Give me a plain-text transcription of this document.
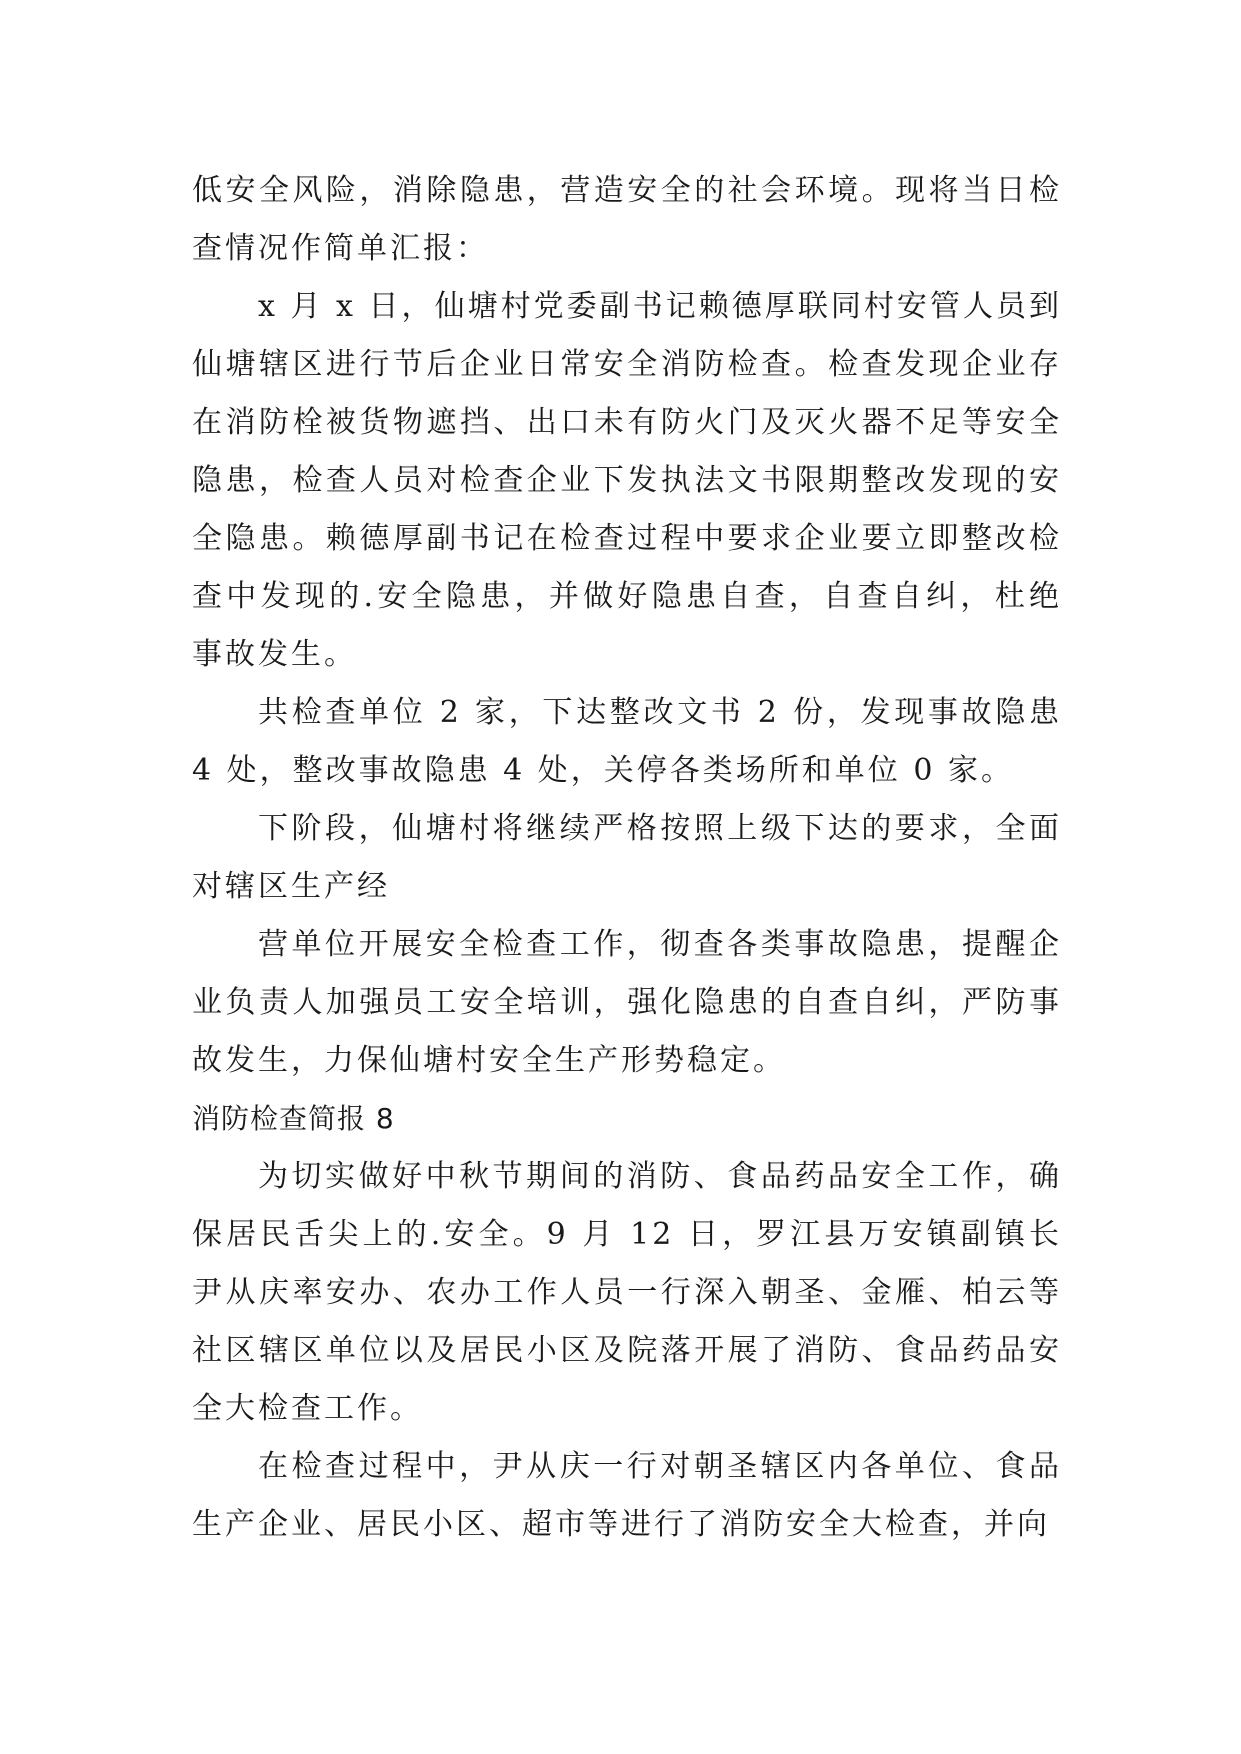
低安全风险，消除隐患，营造安全的社会环境。现将当日检查情况作简单汇报：

x 月 x 日，仙塘村党委副书记赖德厚联同村安管人员到仙塘辖区进行节后企业日常安全消防检查。检查发现企业存在消防栓被货物遮挡、出口未有防火门及灭火器不足等安全隐患，检查人员对检查企业下发执法文书限期整改发现的安全隐患。赖德厚副书记在检查过程中要求企业要立即整改检查中发现的.安全隐患，并做好隐患自查，自查自纠，杜绝事故发生。

共检查单位 2 家，下达整改文书 2 份，发现事故隐患 4 处，整改事故隐患 4 处，关停各类场所和单位 0 家。

下阶段，仙塘村将继续严格按照上级下达的要求，全面对辖区生产经

营单位开展安全检查工作，彻查各类事故隐患，提醒企业负责人加强员工安全培训，强化隐患的自查自纠，严防事故发生，力保仙塘村安全生产形势稳定。

消防检查简报 8

为切实做好中秋节期间的消防、食品药品安全工作，确保居民舌尖上的.安全。9 月 12 日，罗江县万安镇副镇长尹从庆率安办、农办工作人员一行深入朝圣、金雁、柏云等社区辖区单位以及居民小区及院落开展了消防、食品药品安全大检查工作。

在检查过程中，尹从庆一行对朝圣辖区内各单位、食品生产企业、居民小区、超市等进行了消防安全大检查，并向
